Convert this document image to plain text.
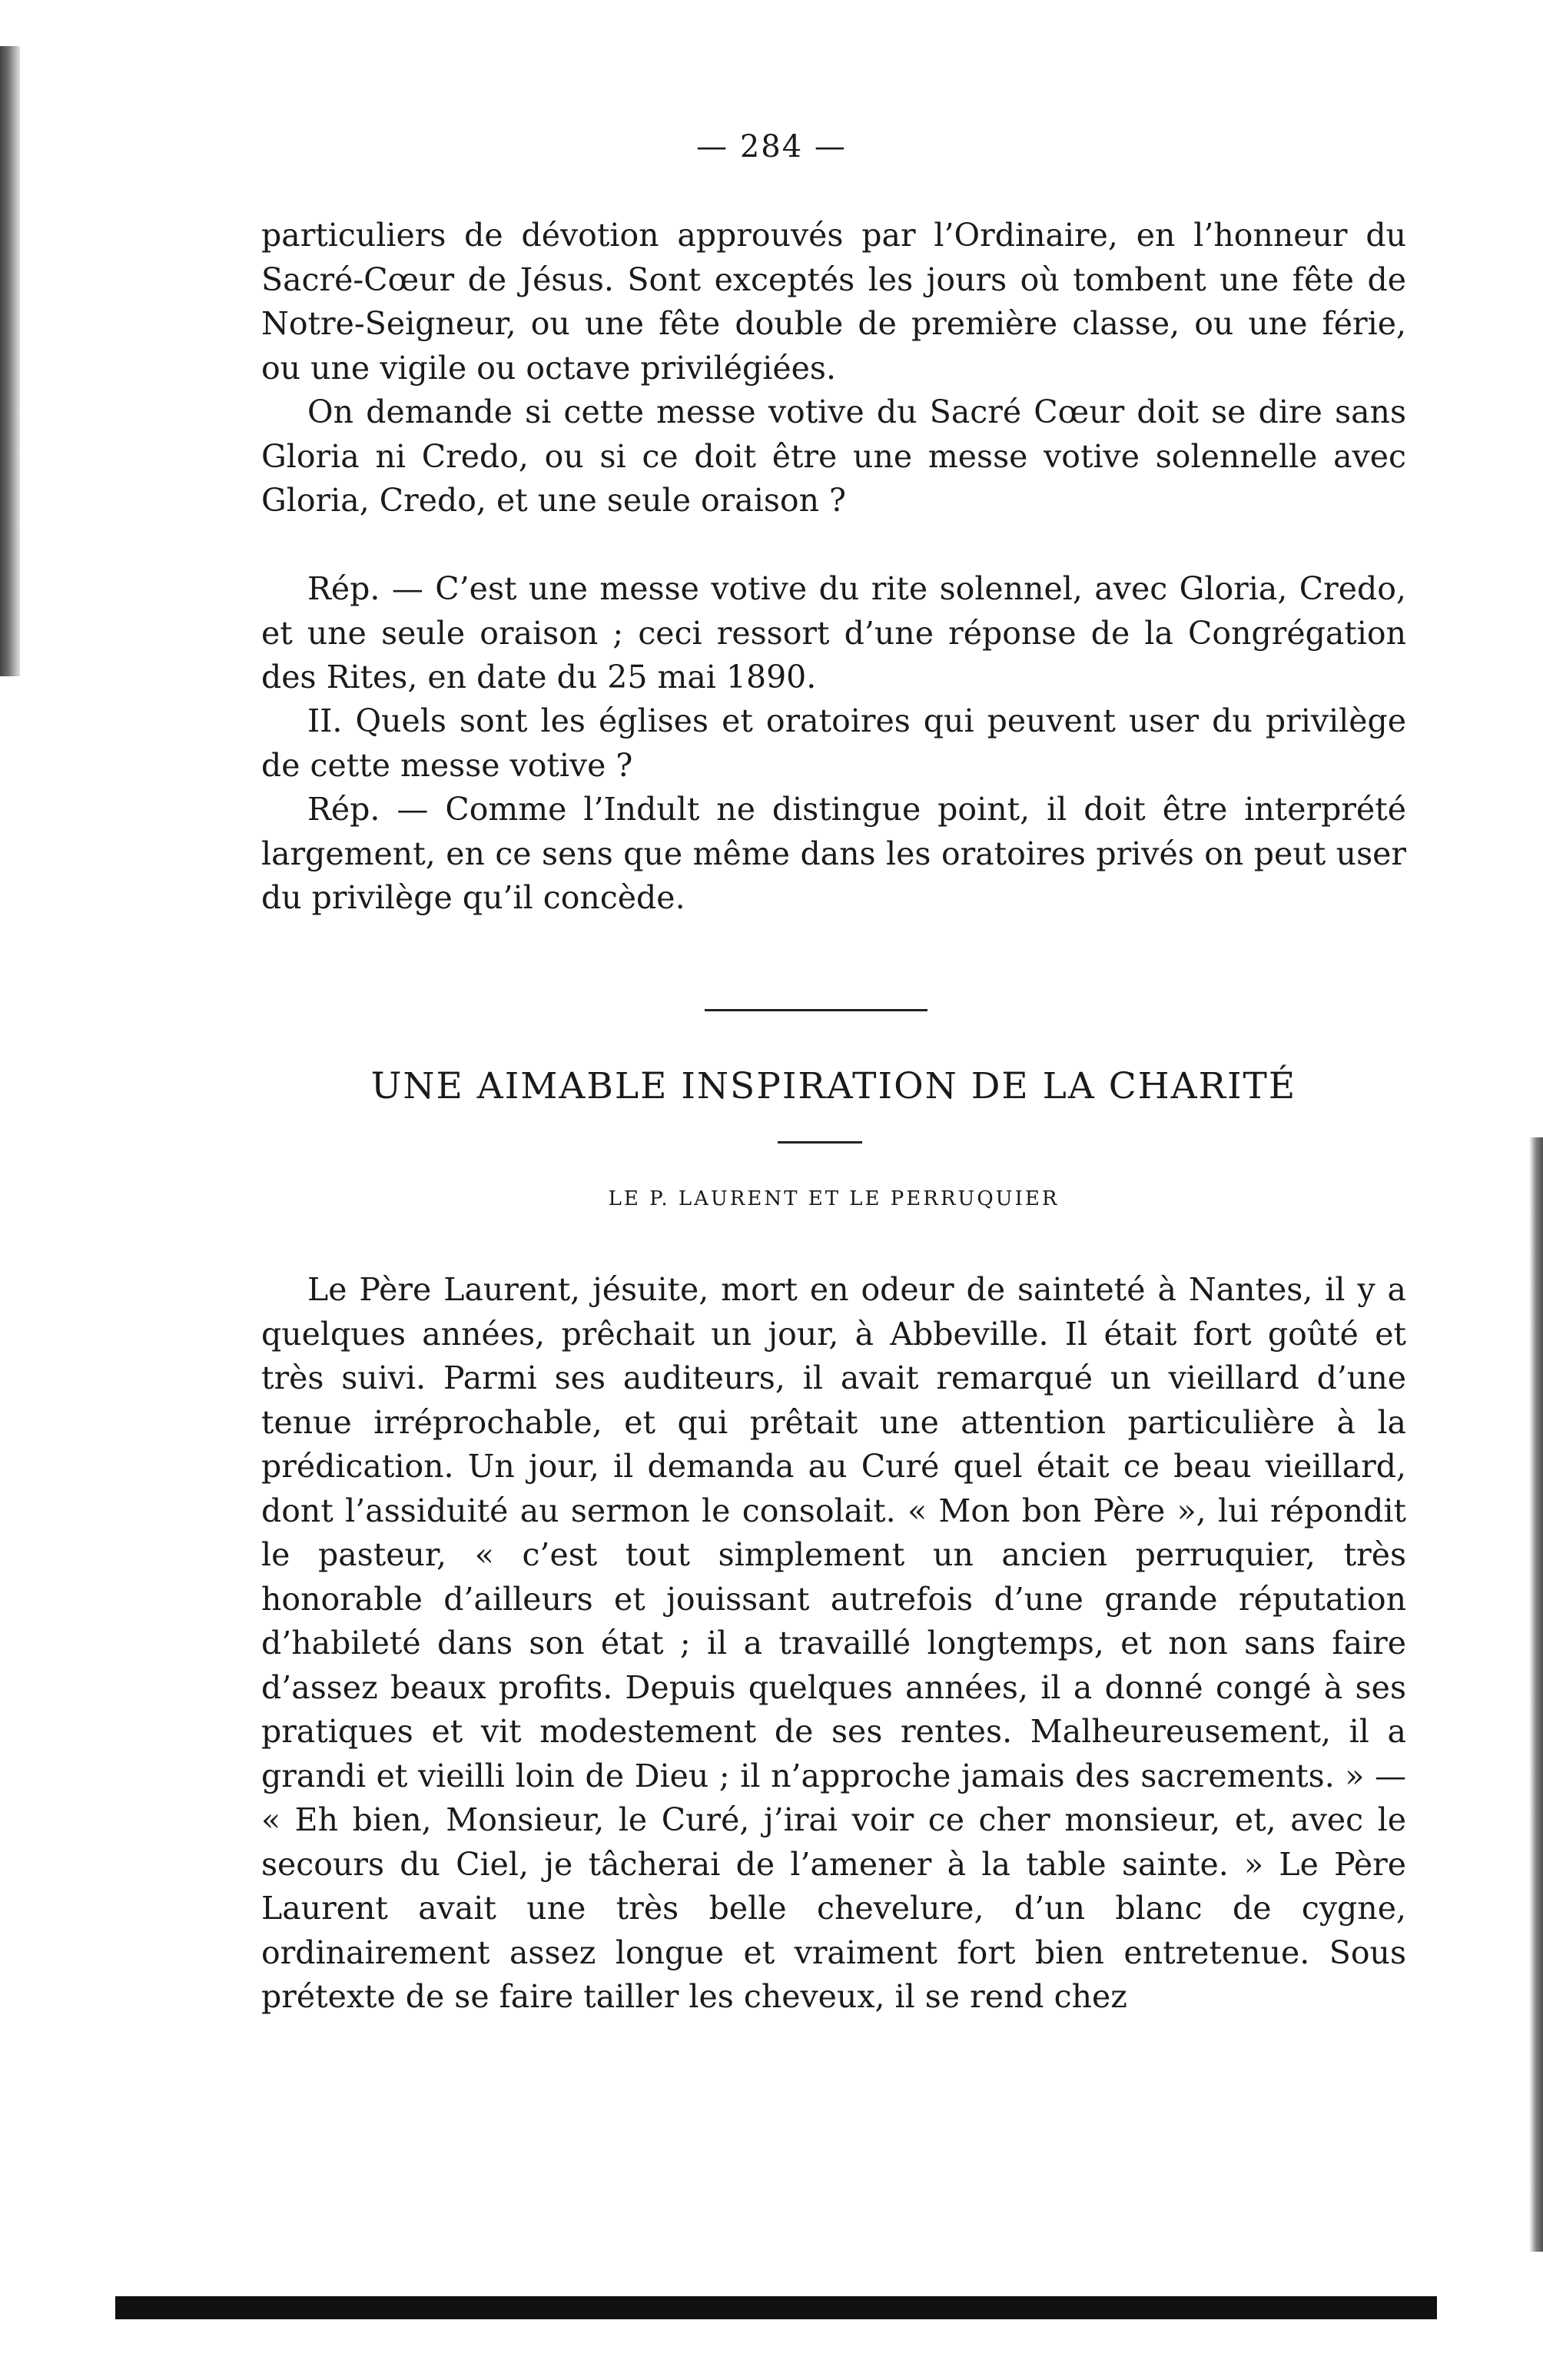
— 284 —
particuliers de dévotion approuvés par l’Ordinaire, en l’honneur du Sacré-Cœur de Jésus. Sont exceptés les jours où tombent une fête de Notre-Seigneur, ou une fête double de première classe, ou une férie, ou une vigile ou octave privilégiées.
On demande si cette messe votive du Sacré Cœur doit se dire sans Gloria ni Credo, ou si ce doit être une messe votive solennelle avec Gloria, Credo, et une seule oraison ?
Rép. — C’est une messe votive du rite solennel, avec Gloria, Credo, et une seule oraison ; ceci ressort d’une réponse de la Congrégation des Rites, en date du 25 mai 1890.
II. Quels sont les églises et oratoires qui peuvent user du privilège de cette messe votive ?
Rép. — Comme l’Indult ne distingue point, il doit être interprété largement, en ce sens que même dans les oratoires privés on peut user du privilège qu’il concède.
UNE AIMABLE INSPIRATION DE LA CHARITÉ
LE P. LAURENT ET LE PERRUQUIER
Le Père Laurent, jésuite, mort en odeur de sainteté à Nantes, il y a quelques années, prêchait un jour, à Abbeville. Il était fort goûté et très suivi. Parmi ses auditeurs, il avait remarqué un vieillard d’une tenue irréprochable, et qui prêtait une attention particulière à la prédication. Un jour, il demanda au Curé quel était ce beau vieillard, dont l’assiduité au sermon le consolait. « Mon bon Père », lui répondit le pasteur, « c’est tout simplement un ancien perruquier, très honorable d’ailleurs et jouissant autrefois d’une grande réputation d’habileté dans son état ; il a travaillé longtemps, et non sans faire d’assez beaux profits. Depuis quelques années, il a donné congé à ses pratiques et vit modestement de ses rentes. Malheureusement, il a grandi et vieilli loin de Dieu ; il n’approche jamais des sacrements. » — « Eh bien, Monsieur, le Curé, j’irai voir ce cher monsieur, et, avec le secours du Ciel, je tâcherai de l’amener à la table sainte. » Le Père Laurent avait une très belle chevelure, d’un blanc de cygne, ordinairement assez longue et vraiment fort bien entretenue. Sous prétexte de se faire tailler les cheveux, il se rend chez
